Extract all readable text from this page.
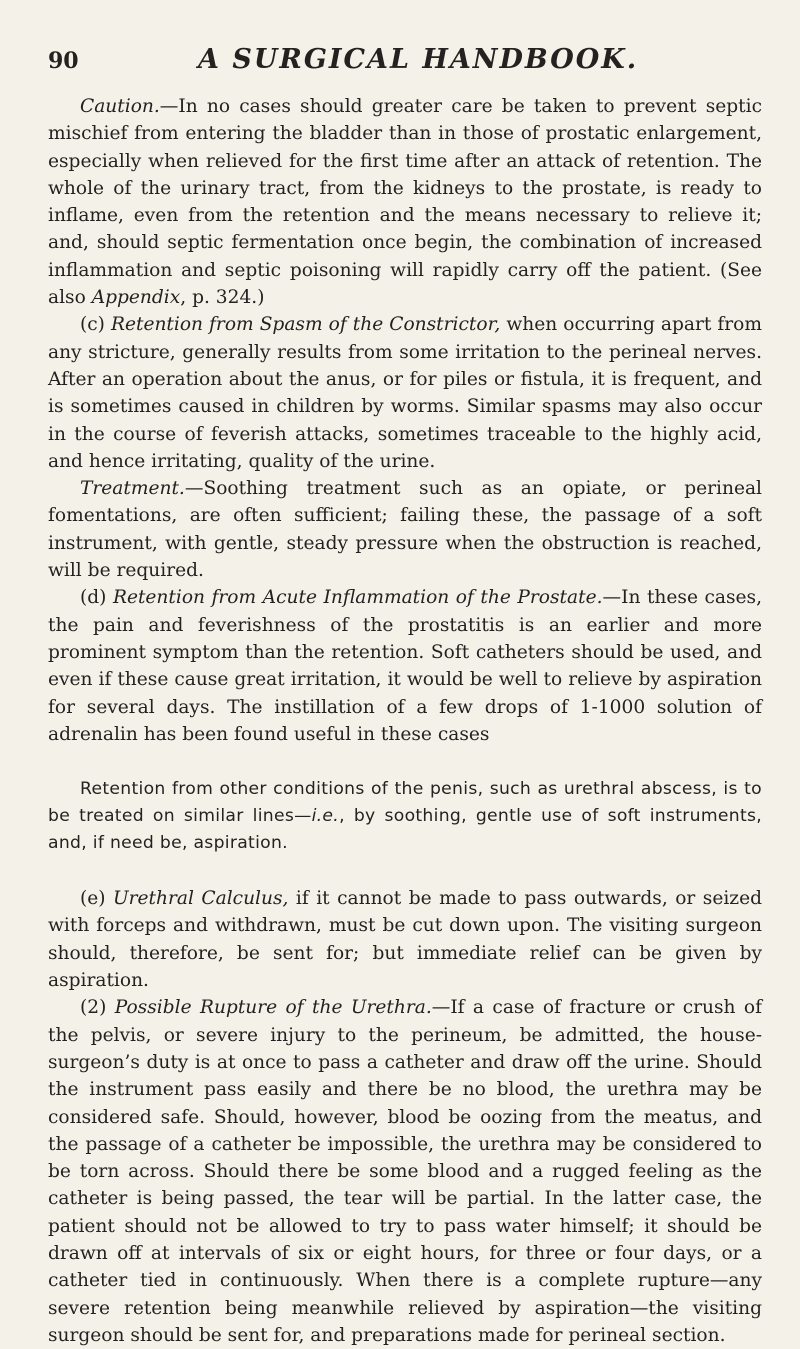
90	A SURGICAL HANDBOOK.

Caution.—In no cases should greater care be taken to prevent septic mischief from entering the bladder than in those of prostatic enlargement, especially when relieved for the first time after an attack of retention. The whole of the urinary tract, from the kidneys to the prostate, is ready to inflame, even from the retention and the means necessary to relieve it; and, should septic fermentation once begin, the combination of increased inflammation and septic poisoning will rapidly carry off the patient. (See also Appendix, p. 324.)

(c) Retention from Spasm of the Constrictor, when occurring apart from any stricture, generally results from some irritation to the perineal nerves. After an operation about the anus, or for piles or fistula, it is frequent, and is sometimes caused in children by worms. Similar spasms may also occur in the course of feverish attacks, sometimes traceable to the highly acid, and hence irritating, quality of the urine.

Treatment.—Soothing treatment such as an opiate, or perineal fomentations, are often sufficient; failing these, the passage of a soft instrument, with gentle, steady pressure when the obstruction is reached, will be required.

(d) Retention from Acute Inflammation of the Prostate.—In these cases, the pain and feverishness of the prostatitis is an earlier and more prominent symptom than the retention. Soft catheters should be used, and even if these cause great irritation, it would be well to relieve by aspiration for several days. The instillation of a few drops of 1-1000 solution of adrenalin has been found useful in these cases

Retention from other conditions of the penis, such as urethral abscess, is to be treated on similar lines—i.e., by soothing, gentle use of soft instruments, and, if need be, aspiration.

(e) Urethral Calculus, if it cannot be made to pass outwards, or seized with forceps and withdrawn, must be cut down upon. The visiting surgeon should, therefore, be sent for; but immediate relief can be given by aspiration.

(2) Possible Rupture of the Urethra.—If a case of fracture or crush of the pelvis, or severe injury to the perineum, be admitted, the house-surgeon’s duty is at once to pass a catheter and draw off the urine. Should the instrument pass easily and there be no blood, the urethra may be considered safe. Should, however, blood be oozing from the meatus, and the passage of a catheter be impossible, the urethra may be considered to be torn across. Should there be some blood and a rugged feeling as the catheter is being passed, the tear will be partial. In the latter case, the patient should not be allowed to try to pass water himself; it should be drawn off at intervals of six or eight hours, for three or four days, or a catheter tied in continuously. When there is a complete rupture—any severe retention being meanwhile relieved by aspiration—the visiting surgeon should be sent for, and preparations made for perineal section.
